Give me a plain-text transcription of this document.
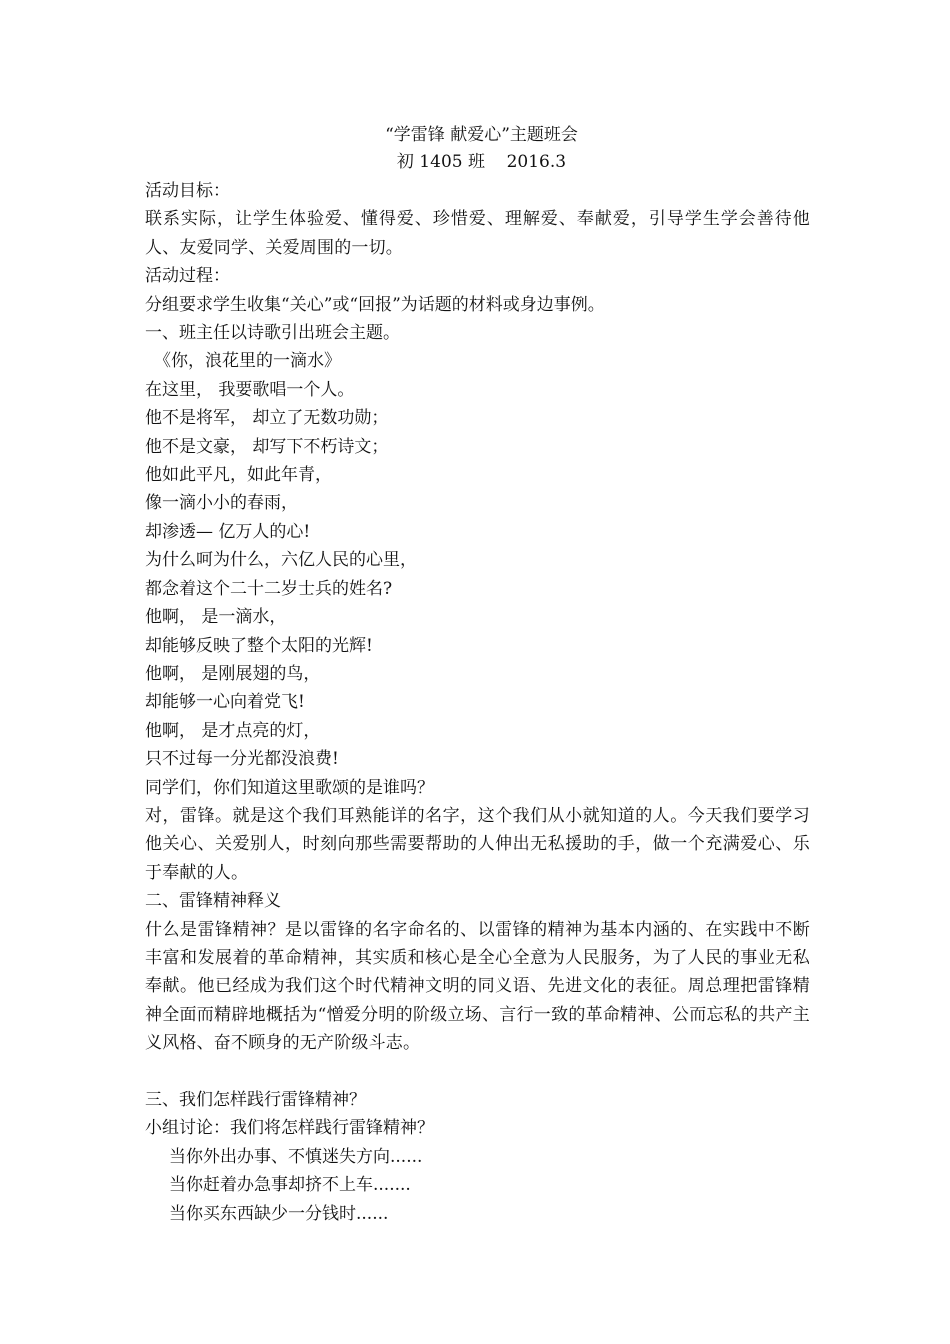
“学雷锋 献爱心”主题班会

初 1405 班    2016.3

活动目标：

联系实际，让学生体验爱、懂得爱、珍惜爱、理解爱、奉献爱，引导学生学会善待他人、友爱同学、关爱周围的一切。

活动过程：

分组要求学生收集“关心”或“回报”为话题的材料或身边事例。

一、班主任以诗歌引出班会主题。

《你，浪花里的一滴水》

在这里， 我要歌唱一个人。

他不是将军， 却立了无数功勋；

他不是文豪， 却写下不朽诗文；

他如此平凡，如此年青，

像一滴小小的春雨，

却渗透— 亿万人的心!

为什么呵为什么，六亿人民的心里，

都念着这个二十二岁士兵的姓名?

他啊， 是一滴水，

却能够反映了整个太阳的光辉!

他啊， 是刚展翅的鸟，

却能够一心向着党飞!

他啊， 是才点亮的灯，

只不过每一分光都没浪费!

同学们，你们知道这里歌颂的是谁吗？

对，雷锋。就是这个我们耳熟能详的名字，这个我们从小就知道的人。今天我们要学习他关心、关爱别人，时刻向那些需要帮助的人伸出无私援助的手，做一个充满爱心、乐于奉献的人。

二、雷锋精神释义

什么是雷锋精神？是以雷锋的名字命名的、以雷锋的精神为基本内涵的、在实践中不断丰富和发展着的革命精神，其实质和核心是全心全意为人民服务，为了人民的事业无私奉献。他已经成为我们这个时代精神文明的同义语、先进文化的表征。周总理把雷锋精神全面而精辟地概括为“憎爱分明的阶级立场、言行一致的革命精神、公而忘私的共产主义风格、奋不顾身的无产阶级斗志。

三、我们怎样践行雷锋精神？

小组讨论：我们将怎样践行雷锋精神？

当你外出办事、不慎迷失方向......

当你赶着办急事却挤不上车.......

当你买东西缺少一分钱时......
